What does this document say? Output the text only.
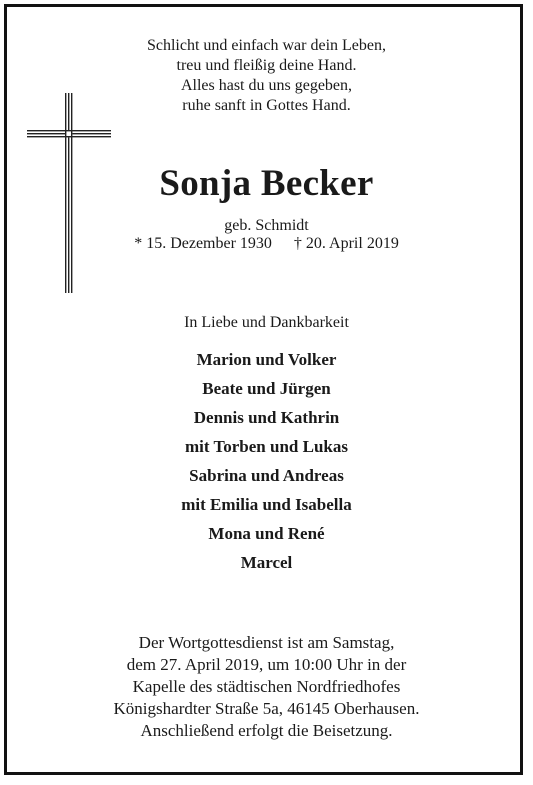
Schlicht und einfach war dein Leben,
treu und fleißig deine Hand.
Alles hast du uns gegeben,
ruhe sanft in Gottes Hand.
Sonja Becker
geb. Schmidt
* 15. Dezember 1930 † 20. April 2019
In Liebe und Dankbarkeit
Marion und Volker
Beate und Jürgen
Dennis und Kathrin
mit Torben und Lukas
Sabrina und Andreas
mit Emilia und Isabella
Mona und René
Marcel
Der Wortgottesdienst ist am Samstag,
dem 27. April 2019, um 10:00 Uhr in der
Kapelle des städtischen Nordfriedhofes
Königshardter Straße 5a, 46145 Oberhausen.
Anschließend erfolgt die Beisetzung.
